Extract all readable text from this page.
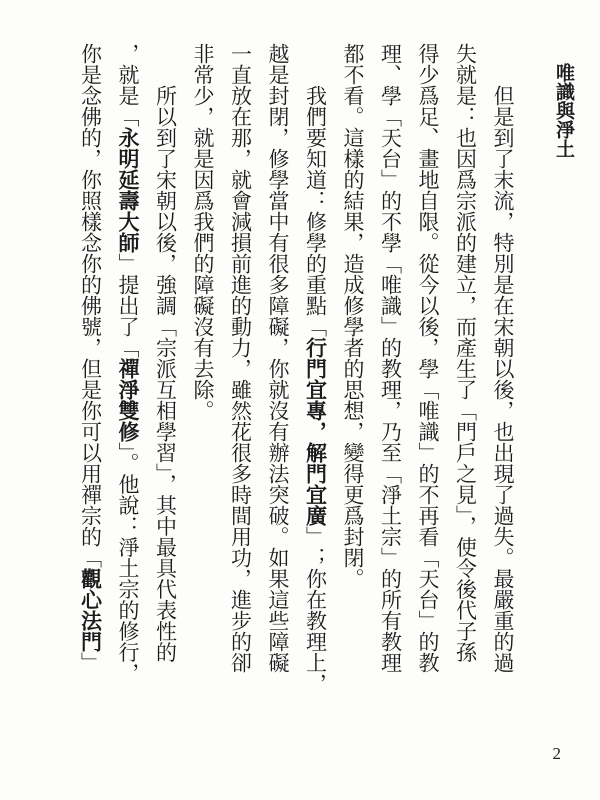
唯識與淨土
但是到了末流，特別是在宋朝以後，也出現了過失。最嚴重的過
失就是：也因爲宗派的建立，而產生了「門戶之見」，使令後代子孫
得少爲足、畫地自限。從今以後，學「唯識」的不再看「天台」的教
理、學「天台」的不學「唯識」的教理，乃至「淨土宗」的所有教理
都不看。這樣的結果，造成修學者的思想，變得更爲封閉。
我們要知道：修學的重點「行門宜專，解門宜廣」；你在教理上，
越是封閉，修學當中有很多障礙，你就沒有辦法突破。如果這些障礙
一直放在那，就會減損前進的動力，雖然花很多時間用功，進步的卻
非常少，就是因爲我們的障礙沒有去除。
所以到了宋朝以後，強調「宗派互相學習」，其中最具代表性的
，就是「永明延壽大師」提出了「禪淨雙修」。他說：淨土宗的修行，
你是念佛的，你照樣念你的佛號，但是你可以用禪宗的「觀心法門」
2
